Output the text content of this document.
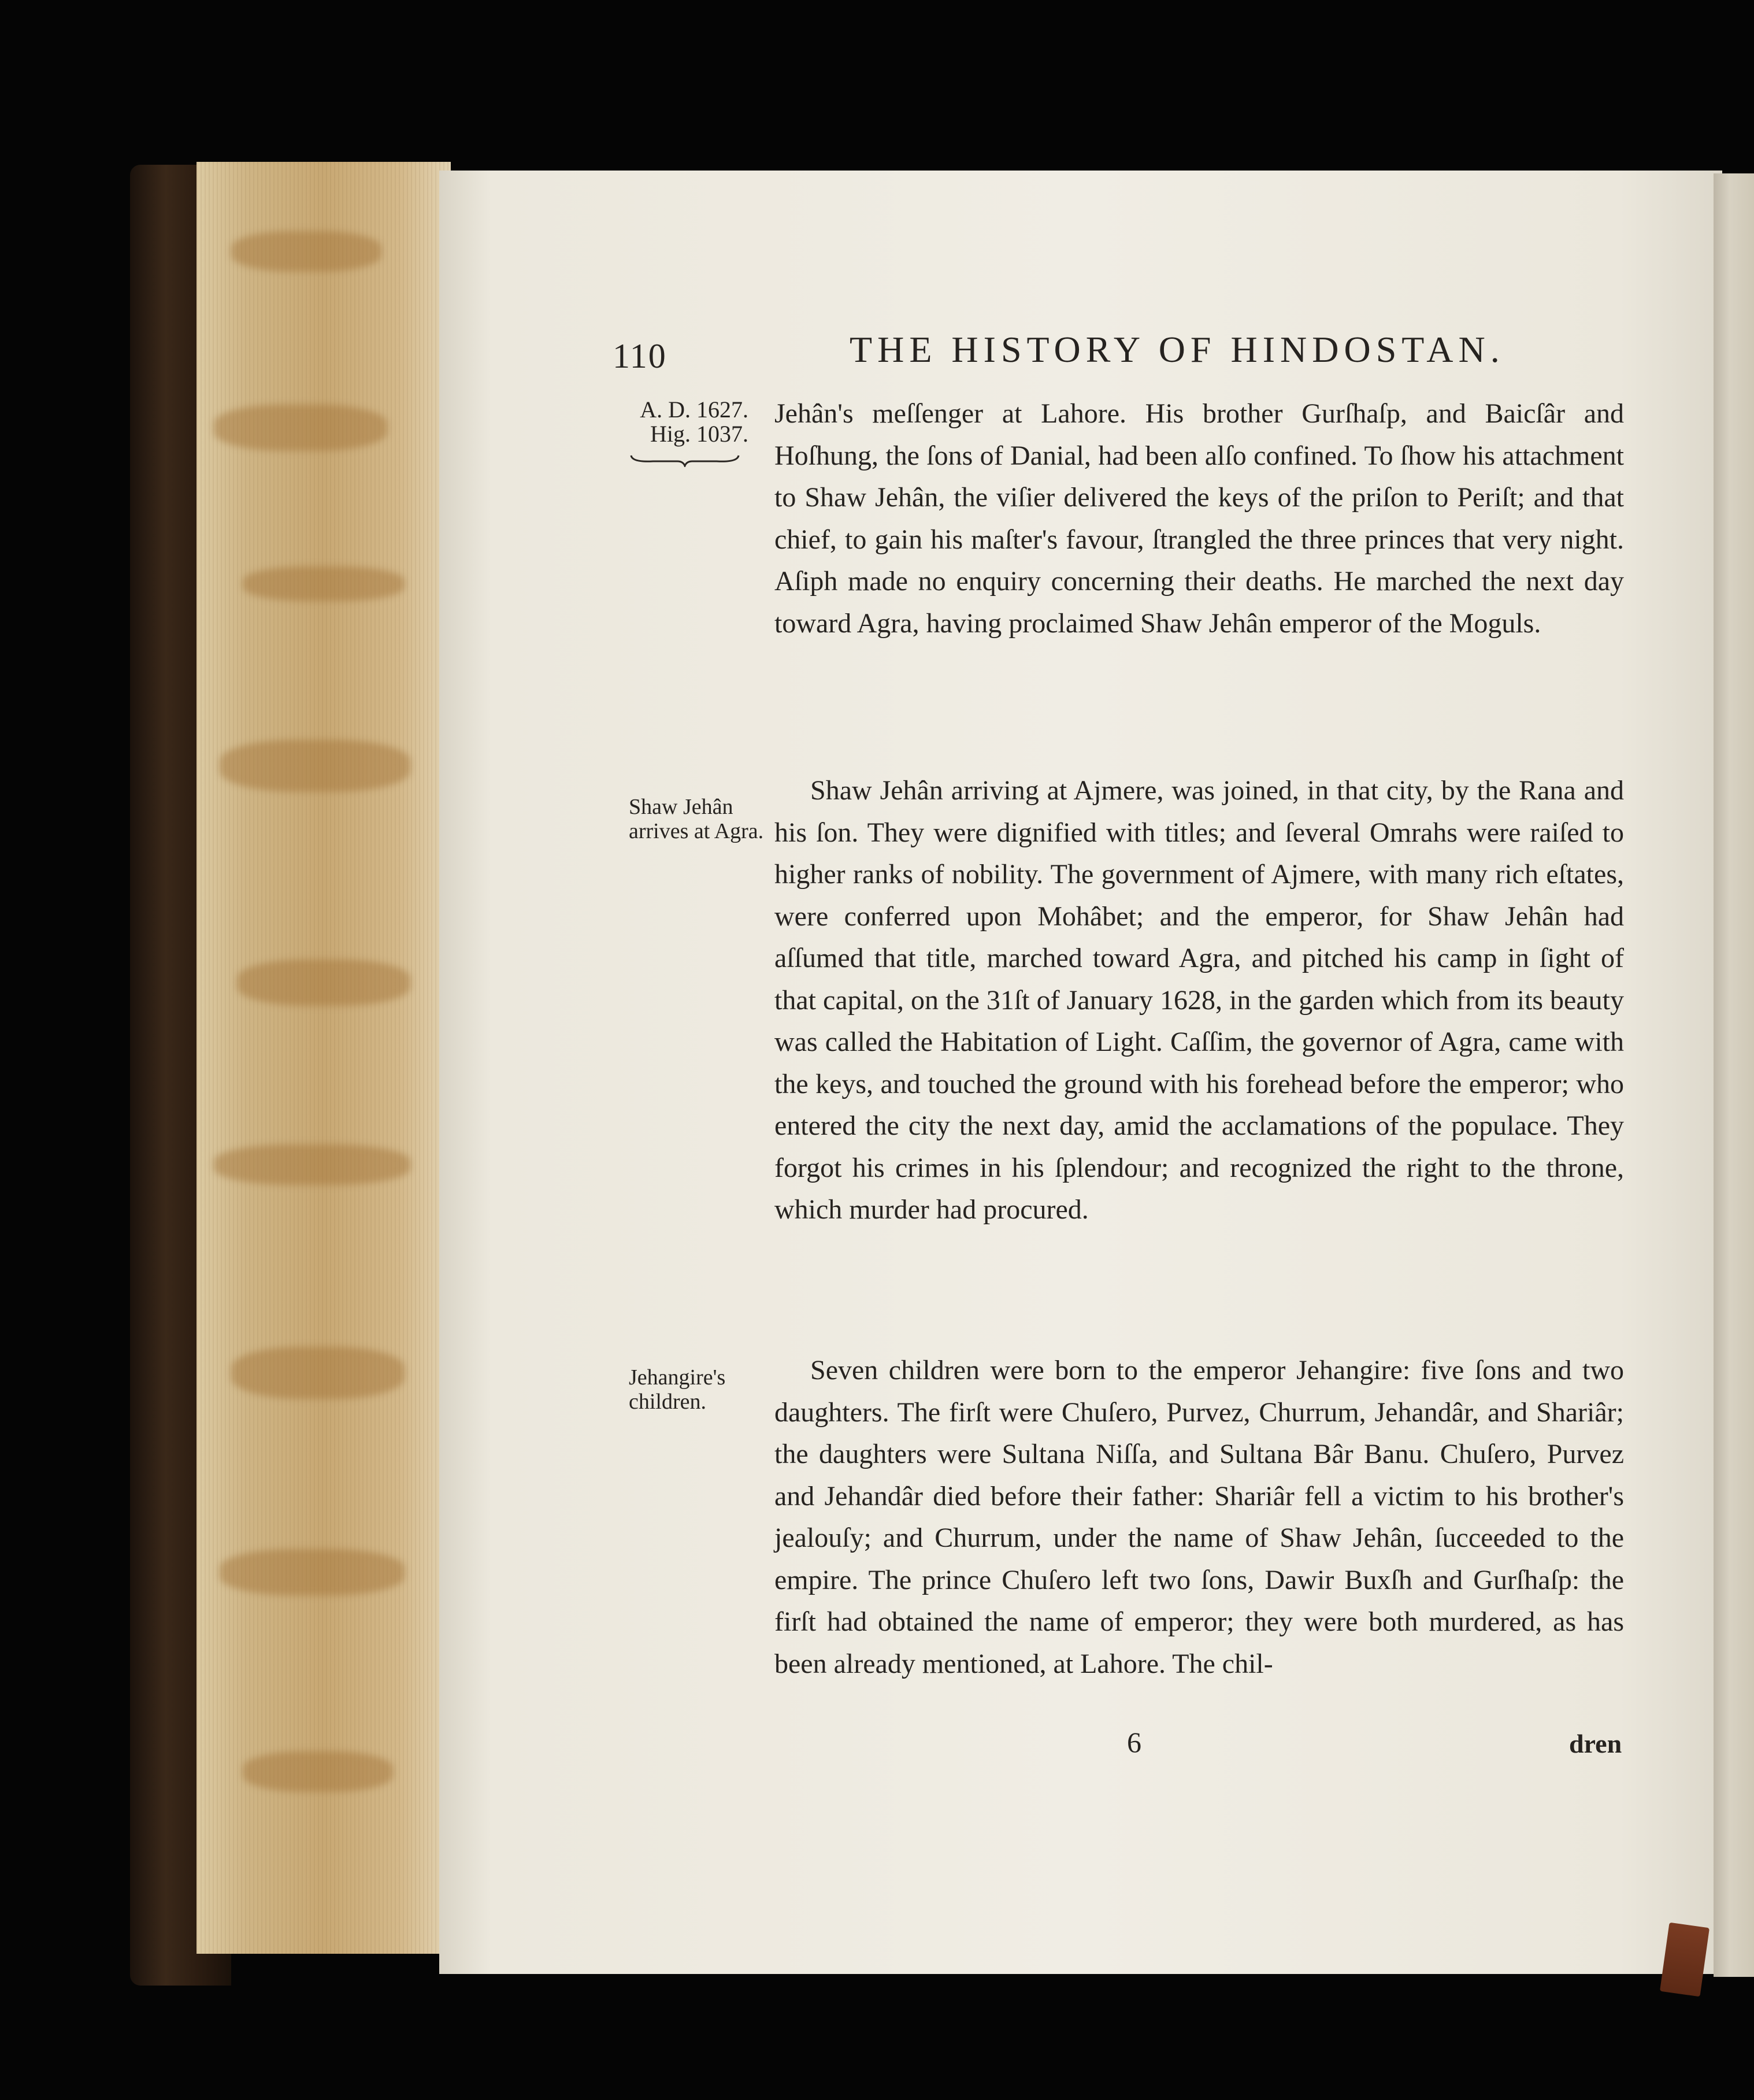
110	THE HISTORY OF HINDOSTAN.
A. D. 1627.
Hig. 1037.
Shaw Jehân arrives at Agra.
Jehangire's children.
Jehân's meſſenger at Lahore. His brother Gurſhaſp, and Baicſâr and Hoſhung, the ſons of Danial, had been alſo confined. To ſhow his attachment to Shaw Jehân, the viſier delivered the keys of the priſon to Periſt; and that chief, to gain his maſter's favour, ſtrangled the three princes that very night. Aſiph made no enquiry concerning their deaths. He marched the next day toward Agra, having proclaimed Shaw Jehân emperor of the Moguls.
Shaw Jehân arriving at Ajmere, was joined, in that city, by the Rana and his ſon. They were dignified with titles; and ſeveral Omrahs were raiſed to higher ranks of nobility. The government of Ajmere, with many rich eſtates, were conferred upon Mohâbet; and the emperor, for Shaw Jehân had aſſumed that title, marched toward Agra, and pitched his camp in ſight of that capital, on the 31ſt of January 1628, in the garden which from its beauty was called the Habitation of Light. Caſſim, the governor of Agra, came with the keys, and touched the ground with his forehead before the emperor; who entered the city the next day, amid the acclamations of the populace. They forgot his crimes in his ſplendour; and recognized the right to the throne, which murder had procured.
Seven children were born to the emperor Jehangire: five ſons and two daughters. The firſt were Chuſero, Purvez, Churrum, Jehandâr, and Shariâr; the daughters were Sultana Niſſa, and Sultana Bâr Banu. Chuſero, Purvez and Jehandâr died before their father: Shariâr fell a victim to his brother's jealouſy; and Churrum, under the name of Shaw Jehân, ſucceeded to the empire. The prince Chuſero left two ſons, Dawir Buxſh and Gurſhaſp: the firſt had obtained the name of emperor; they were both murdered, as has been already mentioned, at Lahore. The chil-
6	dren
